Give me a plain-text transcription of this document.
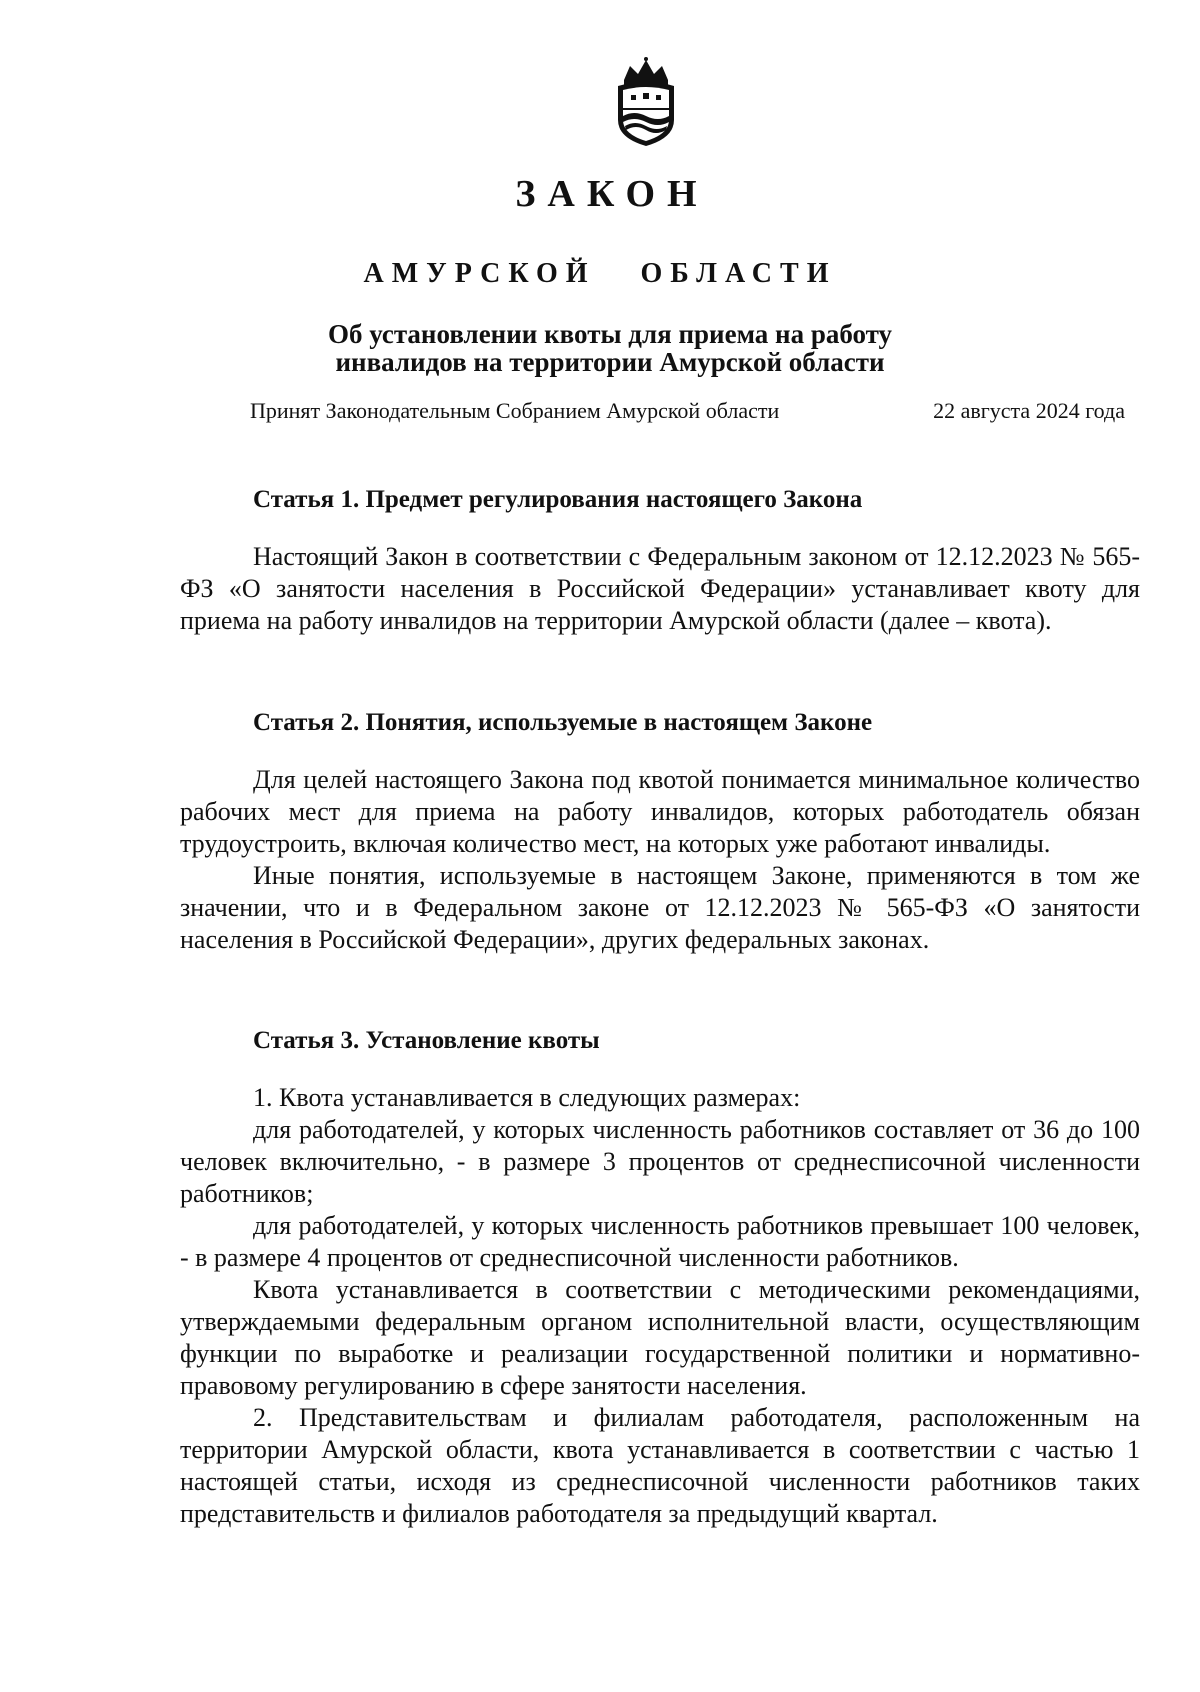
ЗАКОН
АМУРСКОЙ ОБЛАСТИ
Об установлении квоты для приема на работу
инвалидов на территории Амурской области
Принят Законодательным Собранием Амурской области	22 августа 2024 года
Статья 1. Предмет регулирования настоящего Закона

Настоящий Закон в соответствии с Федеральным законом от 12.12.2023 № 565-ФЗ «О занятости населения в Российской Федерации» устанавливает квоту для приема на работу инвалидов на территории Амурской области (далее – квота).

Статья 2. Понятия, используемые в настоящем Законе

Для целей настоящего Закона под квотой понимается минимальное количество рабочих мест для приема на работу инвалидов, которых работодатель обязан трудоустроить, включая количество мест, на которых уже работают инвалиды.

Иные понятия, используемые в настоящем Законе, применяются в том же значении, что и в Федеральном законе от 12.12.2023 № 565-ФЗ «О занятости населения в Российской Федерации», других федеральных законах.

Статья 3. Установление квоты

1. Квота устанавливается в следующих размерах:

для работодателей, у которых численность работников составляет от 36 до 100 человек включительно, - в размере 3 процентов от среднесписочной численности работников;

для работодателей, у которых численность работников превышает 100 человек, - в размере 4 процентов от среднесписочной численности работников.

Квота устанавливается в соответствии с методическими рекомендациями, утверждаемыми федеральным органом исполнительной власти, осуществляющим функции по выработке и реализации государственной политики и нормативно-правовому регулированию в сфере занятости населения.

2. Представительствам и филиалам работодателя, расположенным на территории Амурской области, квота устанавливается в соответствии с частью 1 настоящей статьи, исходя из среднесписочной численности работников таких представительств и филиалов работодателя за предыдущий квартал.
